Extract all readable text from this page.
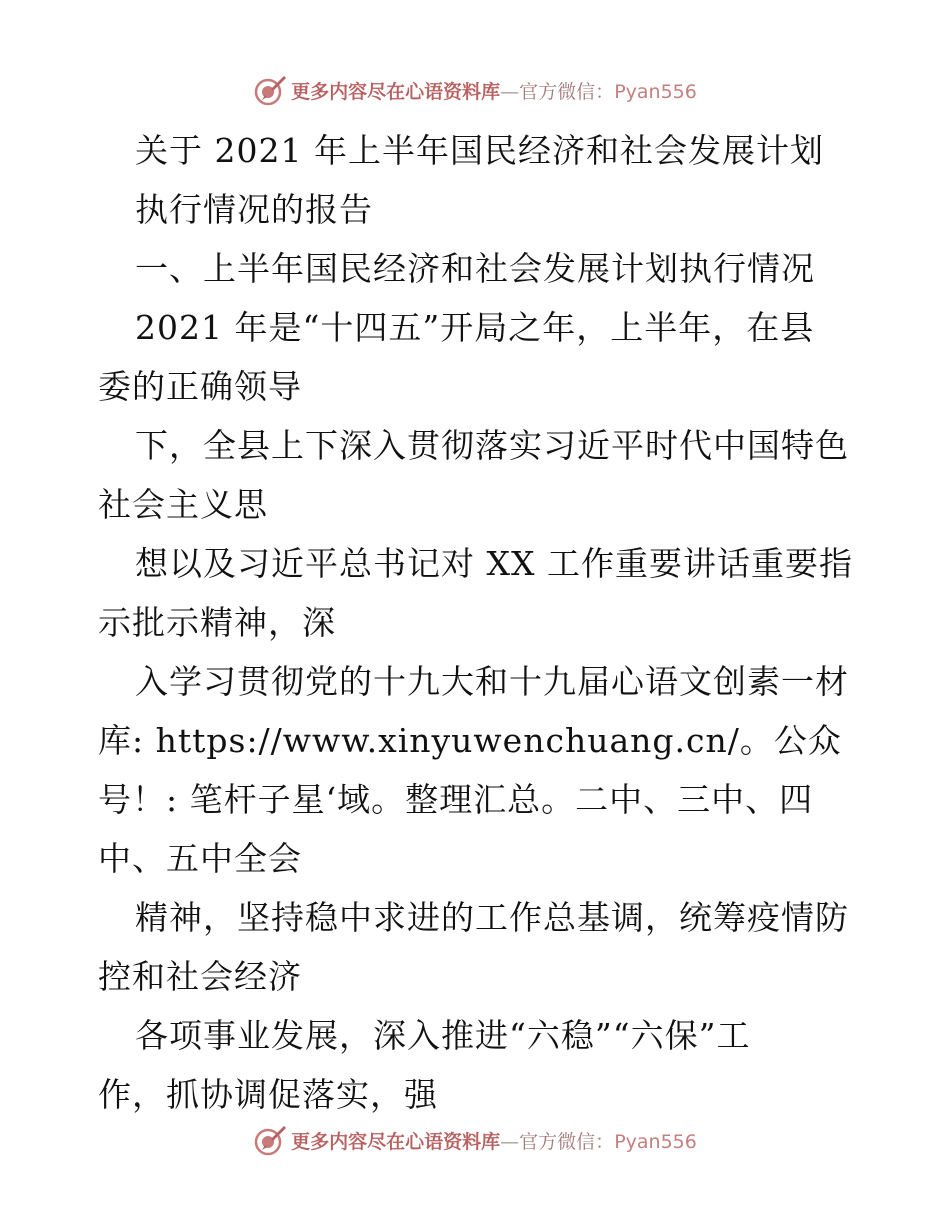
更多内容尽在心语资料库—官方微信：Pyan556
关于 2021 年上半年国民经济和社会发展计划
执行情况的报告
一、上半年国民经济和社会发展计划执行情况
2021 年是“十四五”开局之年，上半年，在县
委的正确领导
下，全县上下深入贯彻落实习近平时代中国特色
社会主义思
想以及习近平总书记对 XX 工作重要讲话重要指
示批示精神，深
入学习贯彻党的十九大和十九届心语文创素一材
库: https://www.xinyuwenchuang.cn/。公众
号！: 笔杆子星‘域。整理汇总。二中、三中、四
中、五中全会
精神，坚持稳中求进的工作总基调，统筹疫情防
控和社会经济
各项事业发展，深入推进“六稳”“六保”工
作，抓协调促落实，强
更多内容尽在心语资料库—官方微信：Pyan556
